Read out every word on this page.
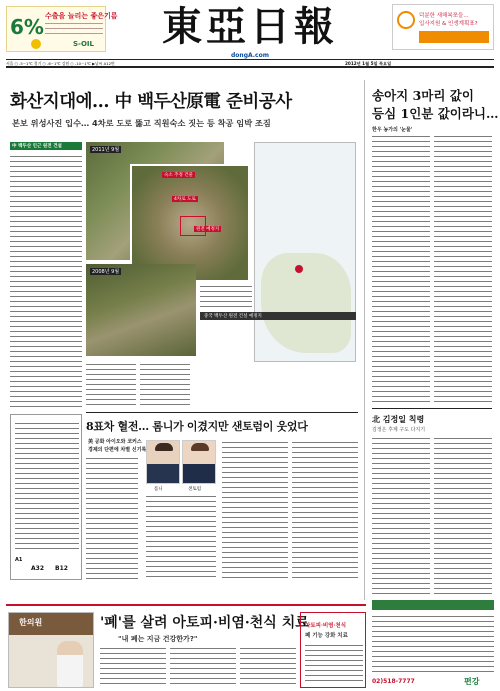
6% 수출을 늘리는 좋은기름
S-OIL	東亞日報
dongA.com
덕분한 새해복쪼들…
입사지원 & 인생계획표?
서울 ○ -5~1℃ 경기 ○ -6~1℃ 강원 ○ -10~1℃ ▶날씨 A12면	2012년 1월 5일 목요일
화산지대에… 中 백두산原電 준비공사
본보 위성사진 입수… 4차로 도로 뚫고 직원숙소 짓는 등 착공 임박 조짐
中 백두산 인근 원전 건설
2011년 9월
숙소 추정 건물
4차로 도로
원전 예정지
2008년 9월
중국 백두산 원전 건설 예정지
송아지 3마리 값이
등심 1인분 값이라니…
한우 농가의 '눈물'
北 김정일 칙령
김정은 후계 구도 다지기
8표차 혈전… 롬니가 이겼지만 샌토럼이 웃었다
美 공화 아이오와 코커스
경제의 단편에 차별 신기록
롬니	샌토럼
A1
A32 B12
한의원	'폐'를 살려 아토피·비염·천식 치료
"내 폐는 지금 건강한가?"
아토피·비염·천식
폐 기능 강화 치료
02)518-7777	편강
